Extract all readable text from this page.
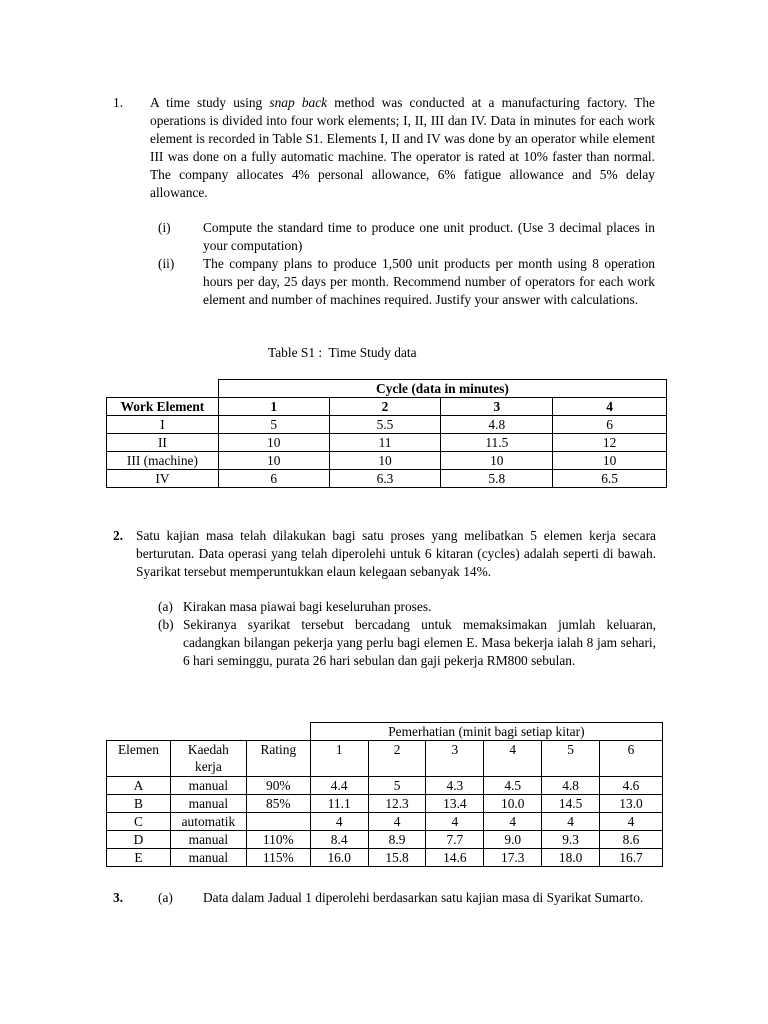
1. A time study using snap back method was conducted at a manufacturing factory. The operations is divided into four work elements; I, II, III dan IV. Data in minutes for each work element is recorded in Table S1. Elements I, II and IV was done by an operator while element III was done on a fully automatic machine. The operator is rated at 10% faster than normal. The company allocates 4% personal allowance, 6% fatigue allowance and 5% delay allowance.
(i) Compute the standard time to produce one unit product. (Use 3 decimal places in your computation)
(ii) The company plans to produce 1,500 unit products per month using 8 operation hours per day, 25 days per month. Recommend number of operators for each work element and number of machines required. Justify your answer with calculations.
Table S1 :  Time Study data
	Cycle (data in minutes)			
Work Element	1	2	3	4
I	5	5.5	4.8	6
II	10	11	11.5	12
III (machine)	10	10	10	10
IV	6	6.3	5.8	6.5
2. Satu kajian masa telah dilakukan bagi satu proses yang melibatkan 5 elemen kerja secara berturutan. Data operasi yang telah diperolehi untuk 6 kitaran (cycles) adalah seperti di bawah. Syarikat tersebut memperuntukkan elaun kelegaan sebanyak 14%.
(a) Kirakan masa piawai bagi keseluruhan proses.
(b) Sekiranya syarikat tersebut bercadang untuk memaksimakan jumlah keluaran, cadangkan bilangan pekerja yang perlu bagi elemen E. Masa bekerja ialah 8 jam sehari, 6 hari seminggu, purata 26 hari sebulan dan gaji pekerja RM800 sebulan.
			Pemerhatian (minit bagi setiap kitar)					
Elemen	Kaedah kerja	Rating	1	2	3	4	5	6
A	manual	90%	4.4	5	4.3	4.5	4.8	4.6
B	manual	85%	11.1	12.3	13.4	10.0	14.5	13.0
C	automatik		4	4	4	4	4	4
D	manual	110%	8.4	8.9	7.7	9.0	9.3	8.6
E	manual	115%	16.0	15.8	14.6	17.3	18.0	16.7
3.	(a) Data dalam Jadual 1 diperolehi berdasarkan satu kajian masa di Syarikat Sumarto.
